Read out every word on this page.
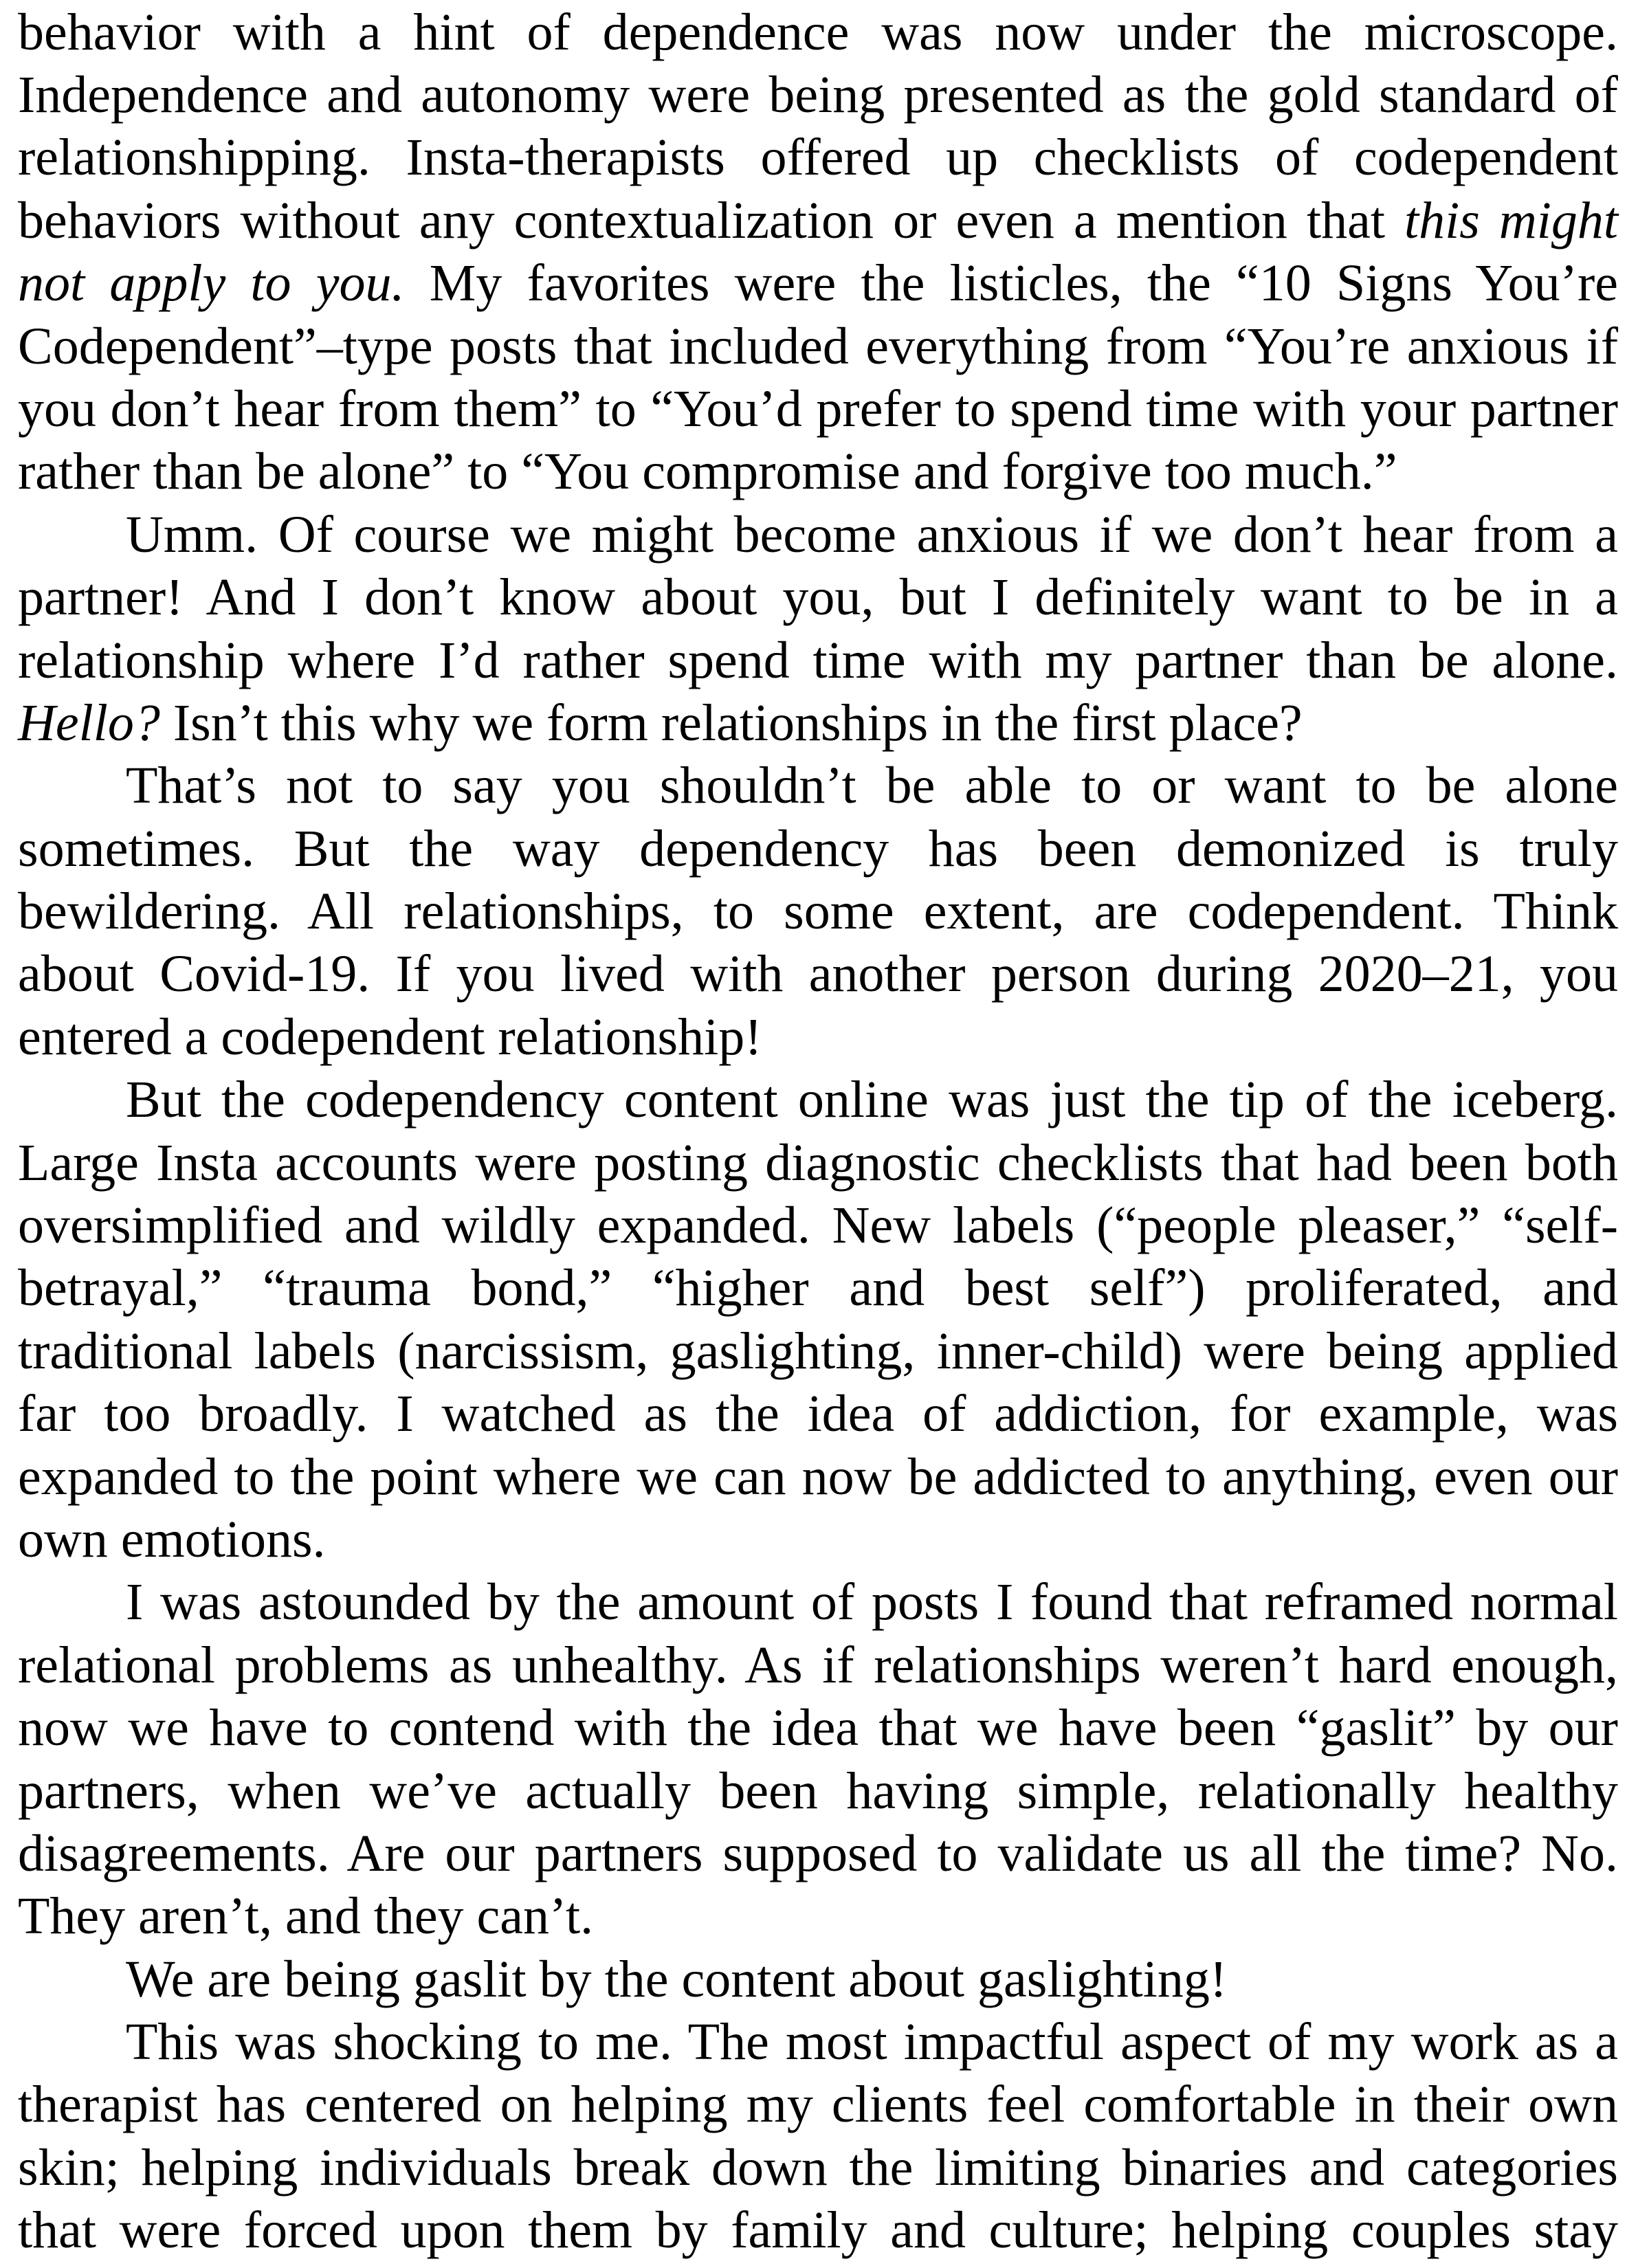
behavior with a hint of dependence was now under the microscope.
Independence and autonomy were being presented as the gold standard of
relationshipping. Insta-therapists offered up checklists of codependent
behaviors without any contextualization or even a mention that this might
not apply to you. My favorites were the listicles, the “10 Signs You’re
Codependent”–type posts that included everything from “You’re anxious if
you don’t hear from them” to “You’d prefer to spend time with your partner
rather than be alone” to “You compromise and forgive too much.”
Umm. Of course we might become anxious if we don’t hear from a
partner! And I don’t know about you, but I definitely want to be in a
relationship where I’d rather spend time with my partner than be alone.
Hello? Isn’t this why we form relationships in the first place?
That’s not to say you shouldn’t be able to or want to be alone
sometimes. But the way dependency has been demonized is truly
bewildering. All relationships, to some extent, are codependent. Think
about Covid-19. If you lived with another person during 2020–21, you
entered a codependent relationship!
But the codependency content online was just the tip of the iceberg.
Large Insta accounts were posting diagnostic checklists that had been both
oversimplified and wildly expanded. New labels (“people pleaser,” “self-
betrayal,” “trauma bond,” “higher and best self”) proliferated, and
traditional labels (narcissism, gaslighting, inner-child) were being applied
far too broadly. I watched as the idea of addiction, for example, was
expanded to the point where we can now be addicted to anything, even our
own emotions.
I was astounded by the amount of posts I found that reframed normal
relational problems as unhealthy. As if relationships weren’t hard enough,
now we have to contend with the idea that we have been “gaslit” by our
partners, when we’ve actually been having simple, relationally healthy
disagreements. Are our partners supposed to validate us all the time? No.
They aren’t, and they can’t.
We are being gaslit by the content about gaslighting!
This was shocking to me. The most impactful aspect of my work as a
therapist has centered on helping my clients feel comfortable in their own
skin; helping individuals break down the limiting binaries and categories
that were forced upon them by family and culture; helping couples stay
